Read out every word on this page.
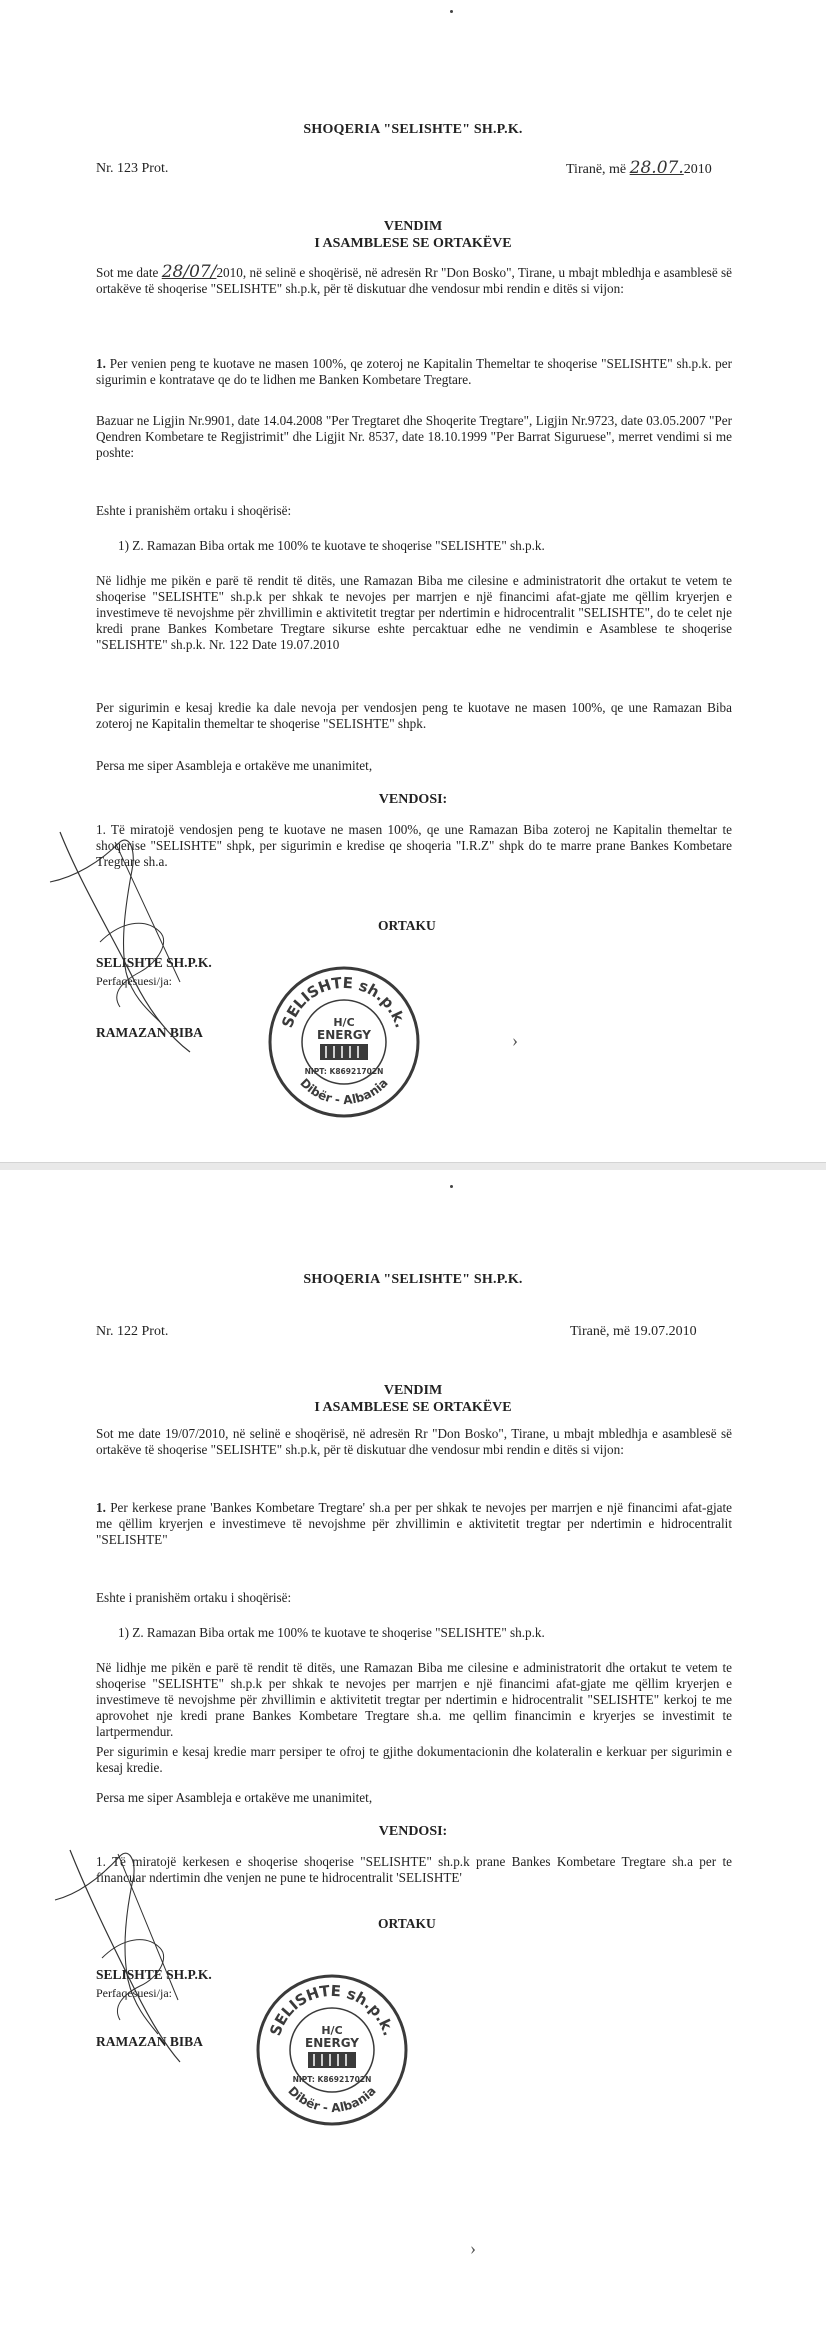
SHOQERIA "SELISHTE" SH.P.K.
Nr. 123 Prot.	Tiranë, më 28.07.2010
VENDIM
I ASAMBLESE SE ORTAKËVE

Sot me date 28/07/2010, në selinë e shoqërisë, në adresën Rr "Don Bosko", Tirane, u mbajt mbledhja e asamblesë së ortakëve të shoqerise "SELISHTE" sh.p.k, për të diskutuar dhe vendosur mbi rendin e ditës si vijon:

1. Per venien peng te kuotave ne masen 100%, qe zoteroj ne Kapitalin Themeltar te shoqerise "SELISHTE" sh.p.k. per sigurimin e kontratave qe do te lidhen me Banken Kombetare Tregtare.

Bazuar ne Ligjin Nr.9901, date 14.04.2008 "Per Tregtaret dhe Shoqerite Tregtare", Ligjin Nr.9723, date 03.05.2007 "Per Qendren Kombetare te Regjistrimit" dhe Ligjit Nr. 8537, date 18.10.1999 "Per Barrat Siguruese", merret vendimi si me poshte:
Eshte i pranishëm ortaku i shoqërisë:
1) Z. Ramazan Biba ortak me 100% te kuotave te shoqerise "SELISHTE" sh.p.k.
Në lidhje me pikën e parë të rendit të ditës, une Ramazan Biba me cilesine e administratorit dhe ortakut te vetem te shoqerise "SELISHTE" sh.p.k per shkak te nevojes per marrjen e një financimi afat-gjate me qëllim kryerjen e investimeve të nevojshme për zhvillimin e aktivitetit tregtar per ndertimin e hidrocentralit "SELISHTE", do te celet nje kredi prane Bankes Kombetare Tregtare sikurse eshte percaktuar edhe ne vendimin e Asamblese te shoqerise "SELISHTE" sh.p.k. Nr. 122 Date 19.07.2010
Per sigurimin e kesaj kredie ka dale nevoja per vendosjen peng te kuotave ne masen 100%, qe une Ramazan Biba zoteroj ne Kapitalin themeltar te shoqerise "SELISHTE" shpk.
Persa me siper Asambleja e ortakëve me unanimitet,
VENDOSI:
1. Të miratojë vendosjen peng te kuotave ne masen 100%, qe une Ramazan Biba zoteroj ne Kapitalin themeltar te shoqerise "SELISHTE" shpk, per sigurimin e kredise qe shoqeria "I.R.Z" shpk do te marre prane Bankes Kombetare Tregtare sh.a.
ORTAKU
SELISHTE SH.P.K.
Perfaqesuesi/ja:
RAMAZAN BIBA
SELISHTE sh.p.k.
Dibër - Albania
H/C
ENERGY
NIPT: K86921702N
›
SHOQERIA "SELISHTE" SH.P.K.
Nr. 122 Prot.	Tiranë, më 19.07.2010
VENDIM
I ASAMBLESE SE ORTAKËVE
Sot me date 19/07/2010, në selinë e shoqërisë, në adresën Rr "Don Bosko", Tirane, u mbajt mbledhja e asamblesë së ortakëve të shoqerise "SELISHTE" sh.p.k, për të diskutuar dhe vendosur mbi rendin e ditës si vijon:

1. Per kerkese prane 'Bankes Kombetare Tregtare' sh.a per per shkak te nevojes per marrjen e një financimi afat-gjate me qëllim kryerjen e investimeve të nevojshme për zhvillimin e aktivitetit tregtar per ndertimin e hidrocentralit "SELISHTE"

Eshte i pranishëm ortaku i shoqërisë:
1) Z. Ramazan Biba ortak me 100% te kuotave te shoqerise "SELISHTE" sh.p.k.
Në lidhje me pikën e parë të rendit të ditës, une Ramazan Biba me cilesine e administratorit dhe ortakut te vetem te shoqerise "SELISHTE" sh.p.k per shkak te nevojes per marrjen e një financimi afat-gjate me qëllim kryerjen e investimeve të nevojshme për zhvillimin e aktivitetit tregtar per ndertimin e hidrocentralit "SELISHTE" kerkoj te me aprovohet nje kredi prane Bankes Kombetare Tregtare sh.a. me qellim financimin e kryerjes se investimit te lartpermendur.
Per sigurimin e kesaj kredie marr persiper te ofroj te gjithe dokumentacionin dhe kolateralin e kerkuar per sigurimin e kesaj kredie.
Persa me siper Asambleja e ortakëve me unanimitet,
VENDOSI:
1. Të miratojë kerkesen e shoqerise shoqerise "SELISHTE" sh.p.k prane Bankes Kombetare Tregtare sh.a per te financuar ndertimin dhe venjen ne pune te hidrocentralit 'SELISHTE'
ORTAKU
SELISHTE SH.P.K.
Perfaqesuesi/ja:
RAMAZAN BIBA
SELISHTE sh.p.k.
Dibër - Albania
H/C
ENERGY
NIPT: K86921702N
›
